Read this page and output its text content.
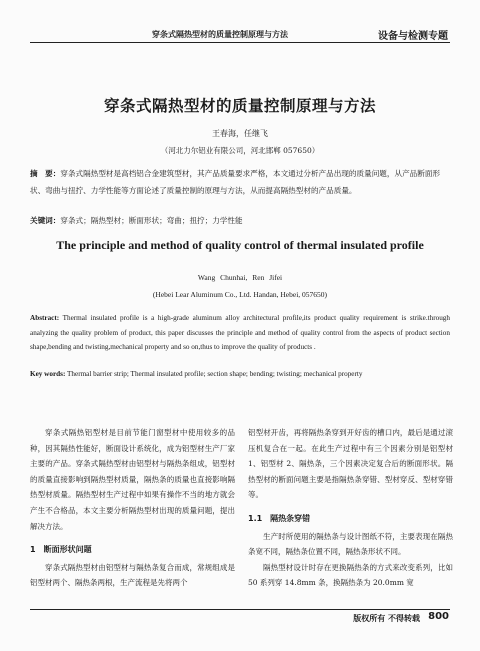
穿条式隔热型材的质量控制原理与方法	设备与检测专题
穿条式隔热型材的质量控制原理与方法
王春海，任继飞
（河北力尔铝业有限公司，河北邯郸 057650）
摘　要：穿条式隔热型材是高档铝合金建筑型材，其产品质量要求严格，本文通过分析产品出现的质量问题，从产品断面形状、弯曲与扭拧、力学性能等方面论述了质量控制的原理与方法，从而提高隔热型材的产品质量。
关键词：穿条式；隔热型材；断面形状；弯曲；扭拧；力学性能
The principle and method of quality control of thermal insulated profile
Wang Chunhai, Ren Jifei
(Hebei Lear Aluminum Co., Ltd. Handan, Hebei, 057650)
Abstract: Thermal insulated profile is a high-grade aluminum alloy architectural profile,its product quality requirement is strike.through analyzing the quality problem of product, this paper discusses the principle and method of quality control from the aspects of product section shape,bending and twisting,mechanical property and so on,thus to improve the quality of products .
Key words: Thermal barrier strip; Thermal insulated profile; section shape; bending; twisting; mechanical property

穿条式隔热铝型材是目前节能门窗型材中使用较多的品种，因其隔热性能好，断面设计系统化，成为铝型材生产厂家主要的产品。穿条式隔热型材由铝型材与隔热条组成，铝型材的质量直接影响到隔热型材质量，隔热条的质量也直接影响隔热型材质量。隔热型材生产过程中如果有操作不当的地方就会产生不合格品，本文主要分析隔热型材出现的质量问题，提出解决方法。

1　断面形状问题

穿条式隔热型材由铝型材与隔热条复合而成，常规组成是铝型材两个、隔热条两根，生产流程是先将两个

铝型材开齿，再将隔热条穿到开好齿的槽口内，最后是通过滚压机复合在一起。在此生产过程中有三个因素分别是铝型材 1、铝型材 2、隔热条，三个因素决定复合后的断面形状。隔热型材的断面问题主要是指隔热条穿错、型材穿反、型材穿错等。

1.1　隔热条穿错

生产时所使用的隔热条与设计图纸不符，主要表现在隔热条宽不同，隔热条位置不同，隔热条形状不同。

隔热型材设计时存在更换隔热条的方式来改变系列，比如 50 系列穿 14.8mm 条，换隔热条为 20.0mm 宽

版权所有 不得转载 800
